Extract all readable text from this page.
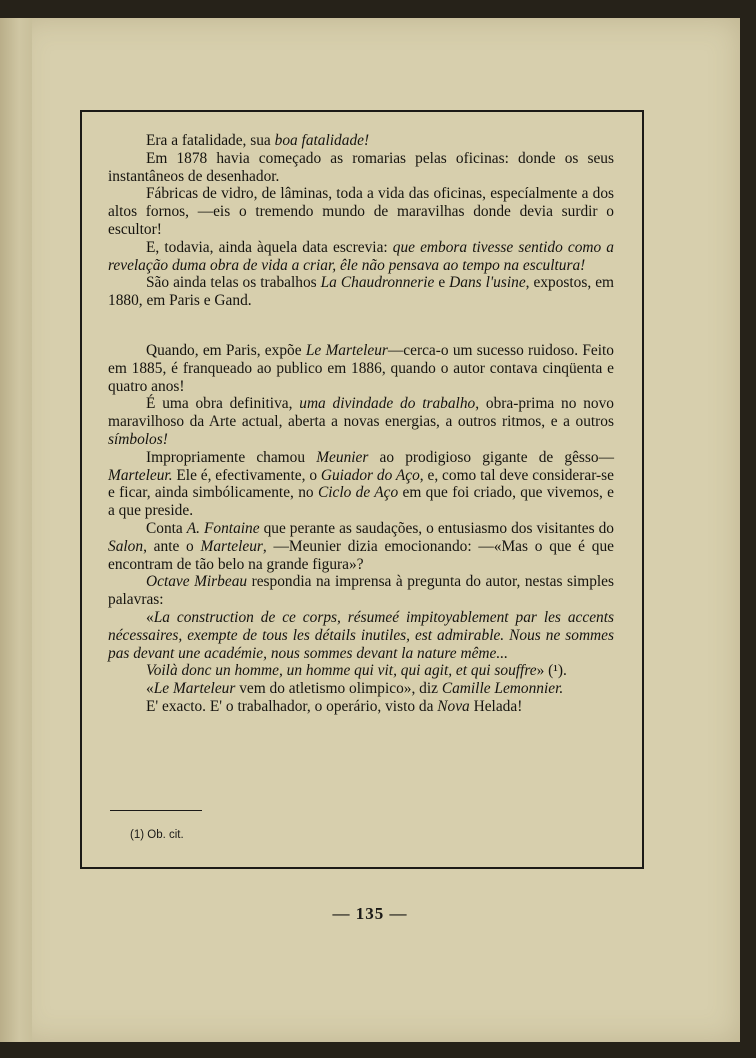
Era a fatalidade, sua boa fatalidade!

Em 1878 havia começado as romarias pelas oficinas: donde os seus instantâneos de desenhador.

Fábricas de vidro, de lâminas, toda a vida das oficinas, especíalmente a dos altos fornos, —eis o tremendo mundo de maravilhas donde devia surdir o escultor!

E, todavia, ainda àquela data escrevia: que embora tivesse sentido como a revelação duma obra de vida a criar, êle não pensava ao tempo na escultura!

São ainda telas os trabalhos La Chaudronnerie e Dans l'usine, expostos, em 1880, em Paris e Gand.

Quando, em Paris, expõe Le Marteleur—cerca-o um sucesso ruidoso. Feito em 1885, é franqueado ao publico em 1886, quando o autor contava cinqüenta e quatro anos!

É uma obra definitiva, uma divindade do trabalho, obra-prima no novo maravilhoso da Arte actual, aberta a novas energias, a outros ritmos, e a outros símbolos!

Impropriamente chamou Meunier ao prodigioso gigante de gêsso—Marteleur. Ele é, efectivamente, o Guiador do Aço, e, como tal deve considerar-se e ficar, ainda simbólicamente, no Ciclo de Aço em que foi criado, que vivemos, e a que preside.

Conta A. Fontaine que perante as saudações, o entusiasmo dos visitantes do Salon, ante o Marteleur, —Meunier dizia emocionando: —«Mas o que é que encontram de tão belo na grande figura»?

Octave Mirbeau respondia na imprensa à pregunta do autor, nestas simples palavras:

«La construction de ce corps, résumeé impitoyablement par les accents nécessaires, exempte de tous les détails inutiles, est admirable. Nous ne sommes pas devant une académie, nous sommes devant la nature même...

Voilà donc un homme, un homme qui vit, qui agit, et qui souffre» (¹).

«Le Marteleur vem do atletismo olimpico», diz Camille Lemonnier.

E' exacto. E' o trabalhador, o operário, visto da Nova Helada!

(1) Ob. cit.
— 135 —
